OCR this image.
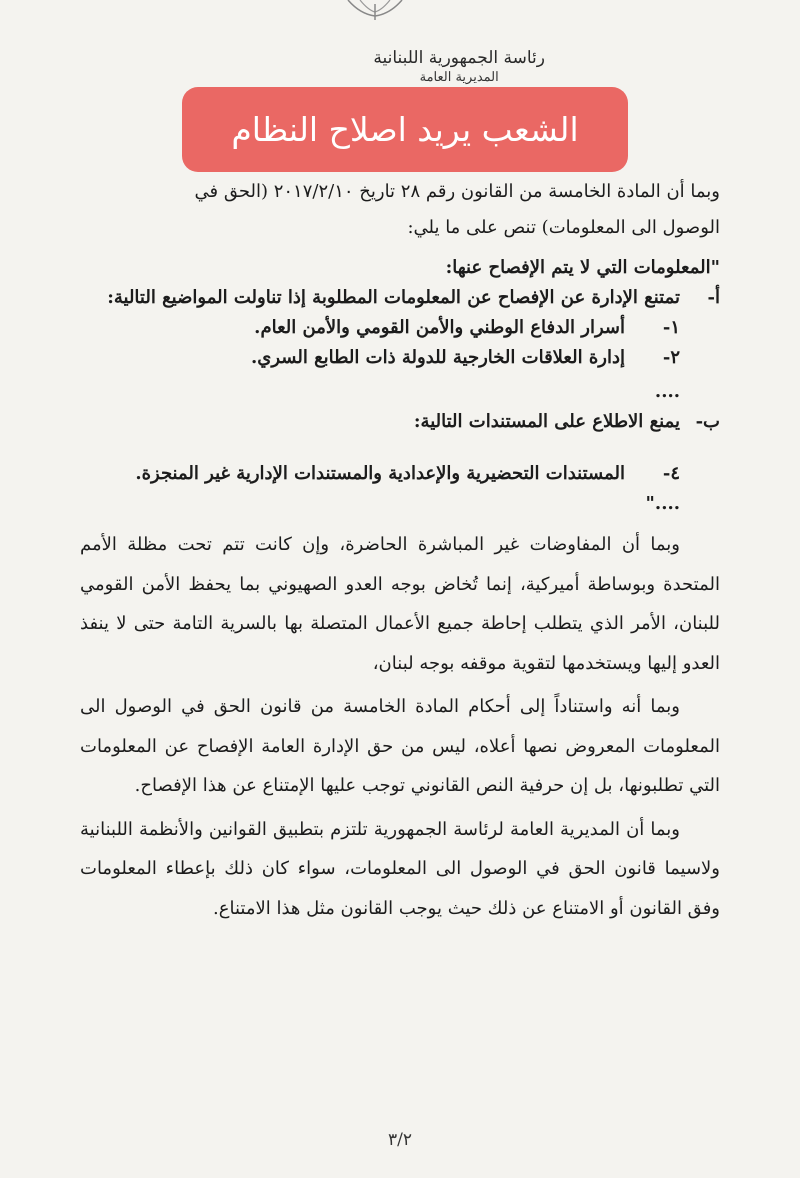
رئاسة الجمهورية اللبنانية
المديرية العامة
الشعب يريد اصلاح النظام
وبما أن المادة الخامسة من القانون رقم ٢٨ تاريخ ٢٠١٧/٢/١٠ (الحق في
الوصول الى المعلومات) تنص على ما يلي:
"المعلومات التي لا يتم الإفصاح عنها:
أ-
تمتنع الإدارة عن الإفصاح عن المعلومات المطلوبة إذا تناولت المواضيع التالية:
١-
أسرار الدفاع الوطني والأمن القومي والأمن العام.
٢-
إدارة العلاقات الخارجية للدولة ذات الطابع السري.
....
ب-
يمنع الاطلاع على المستندات التالية:
٤-
المستندات التحضيرية والإعدادية والمستندات الإدارية غير المنجزة.
...."

وبما أن المفاوضات غير المباشرة الحاضرة، وإن كانت تتم تحت مظلة الأمم المتحدة وبوساطة أميركية، إنما تُخاض بوجه العدو الصهيوني بما يحفظ الأمن القومي للبنان، الأمر الذي يتطلب إحاطة جميع الأعمال المتصلة بها بالسرية التامة حتى لا ينفذ العدو إليها ويستخدمها لتقوية موقفه بوجه لبنان،

وبما أنه واستناداً إلى أحكام المادة الخامسة من قانون الحق في الوصول الى المعلومات المعروض نصها أعلاه، ليس من حق الإدارة العامة الإفصاح عن المعلومات التي تطلبونها، بل إن حرفية النص القانوني توجب عليها الإمتناع عن هذا الإفصاح.

وبما أن المديرية العامة لرئاسة الجمهورية تلتزم بتطبيق القوانين والأنظمة اللبنانية ولاسيما قانون الحق في الوصول الى المعلومات، سواء كان ذلك بإعطاء المعلومات وفق القانون أو الامتناع عن ذلك حيث يوجب القانون مثل هذا الامتناع.

٣/٢
